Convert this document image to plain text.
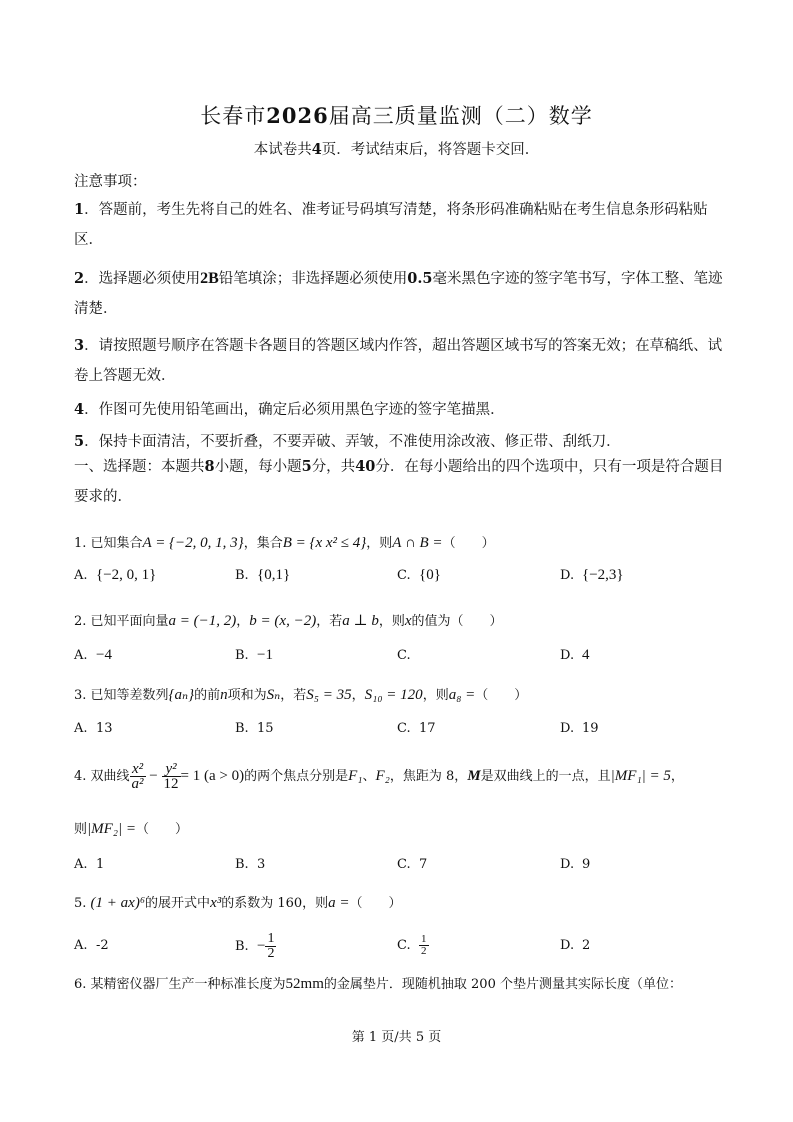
长春市2026届高三质量监测（二）数学
本试卷共4页．考试结束后，将答题卡交回．
注意事项：
1．答题前，考生先将自己的姓名、准考证号码填写清楚，将条形码准确粘贴在考生信息条形码粘贴区．
2．选择题必须使用2B铅笔填涂；非选择题必须使用0.5毫米黑色字迹的签字笔书写，字体工整、笔迹清楚．
3．请按照题号顺序在答题卡各题目的答题区域内作答，超出答题区域书写的答案无效；在草稿纸、试卷上答题无效．
4．作图可先使用铅笔画出，确定后必须用黑色字迹的签字笔描黑．
5．保持卡面清洁，不要折叠，不要弄破、弄皱，不准使用涂改液、修正带、刮纸刀．
一、选择题：本题共8小题，每小题5分，共40分．在每小题给出的四个选项中，只有一项是符合题目要求的．
1. 已知集合A = {−2, 0, 1, 3}，集合B = {x x² ≤ 4}，则A ∩ B =（　　）
A. {−2, 0, 1}	B. {0,1}	C. {0}	D. {−2,3}
2. 已知平面向量a = (−1, 2)，b = (x, −2)，若a ⊥ b，则x的值为（　　）
A. −4	B. −1	C.	D. 4
3. 已知等差数列{aₙ}的前n项和为Sₙ，若S₅ = 35，S₁₀ = 120，则a₈ =（　　）
A. 13	B. 15	C. 17	D. 19
4. 双曲线 $\frac{\text{x²}}{\text{a²}} - \frac{\text{y²}}{12} = 1$ (a > 0)的两个焦点分别是F₁、F₂，焦距为 8，M是双曲线上的一点，且|MF₁| = 5，
则|MF₂| =（　　）
A. 1	B. 3	C. 7	D. 9
5. (1 + ax)⁶的展开式中x³的系数为 160，则a =（　　）
A. -2	B. − $\frac{1}{2}$	C. $\frac{1}{2}$	D. 2
6. 某精密仪器厂生产一种标准长度为52mm的金属垫片．现随机抽取 200 个垫片测量其实际长度（单位：
第 1 页/共 5 页
